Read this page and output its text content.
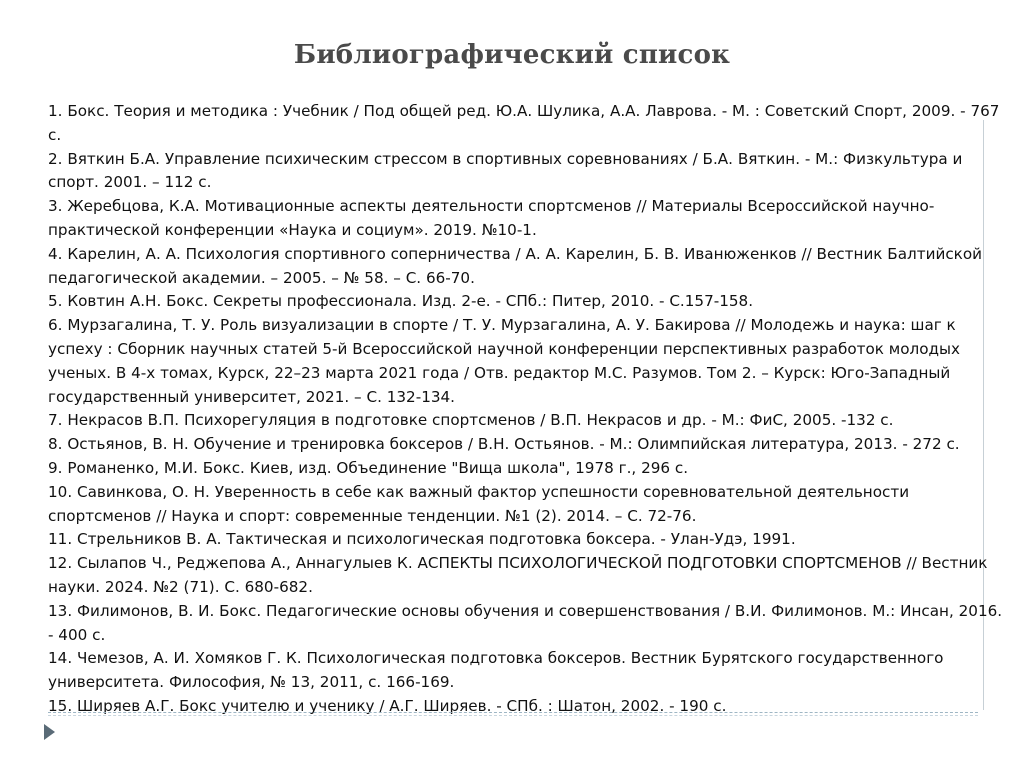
Библиографический список
1. Бокс. Теория и методика : Учебник / Под общей ред. Ю.А. Шулика, А.А. Лаврова. - М. : Советский Спорт, 2009. - 767 с.
2. Вяткин Б.А. Управление психическим стрессом в спортивных соревнованиях / Б.А. Вяткин. - М.: Физкультура и спорт. 2001. – 112 с.
3. Жеребцова, К.А. Мотивационные аспекты деятельности спортсменов // Материалы Всероссийской научно-практической конференции «Наука и социум». 2019. №10-1.
4. Карелин, А. А. Психология спортивного соперничества / А. А. Карелин, Б. В. Иванюженков // Вестник Балтийской педагогической академии. – 2005. – № 58. – С. 66-70.
5. Ковтин А.Н. Бокс. Секреты профессионала. Изд. 2-е. - СПб.: Питер, 2010. - С.157-158.
6. Мурзагалина, Т. У. Роль визуализации в спорте / Т. У. Мурзагалина, А. У. Бакирова // Молодежь и наука: шаг к успеху : Сборник научных статей 5-й Всероссийской научной конференции перспективных разработок молодых ученых. В 4-х томах, Курск, 22–23 марта 2021 года / Отв. редактор М.С. Разумов. Том 2. – Курск: Юго-Западный государственный университет, 2021. – С. 132-134.
7. Некрасов В.П. Психорегуляция в подготовке спортсменов / В.П. Некрасов и др. - М.: ФиС, 2005. -132 с.
8. Остьянов, В. Н. Обучение и тренировка боксеров / В.Н. Остьянов. - М.: Олимпийская литература, 2013. - 272 с.
9. Романенко, М.И. Бокс. Киев, изд. Объединение "Вища школа", 1978 г., 296 с.
10. Савинкова, О. Н. Уверенность в себе как важный фактор успешности соревновательной деятельности спортсменов // Наука и спорт: современные тенденции. №1 (2). 2014. – С. 72-76.
11. Стрельников В. А. Тактическая и психологическая подготовка боксера. - Улан-Удэ, 1991.
12. Сылапов Ч., Реджепова А., Аннагулыев К. АСПЕКТЫ ПСИХОЛОГИЧЕСКОЙ ПОДГОТОВКИ СПОРТСМЕНОВ // Вестник науки. 2024. №2 (71). С. 680-682.
13. Филимонов, В. И. Бокс. Педагогические основы обучения и совершенствования / В.И. Филимонов. М.: Инсан, 2016. - 400 с.
14. Чемезов, А. И. Хомяков Г. К. Психологическая подготовка боксеров. Вестник Бурятского государственного университета. Философия, № 13, 2011, с. 166-169.
15. Ширяев А.Г. Бокс учителю и ученику / А.Г. Ширяев. - СПб. : Шатон, 2002. - 190 с.
